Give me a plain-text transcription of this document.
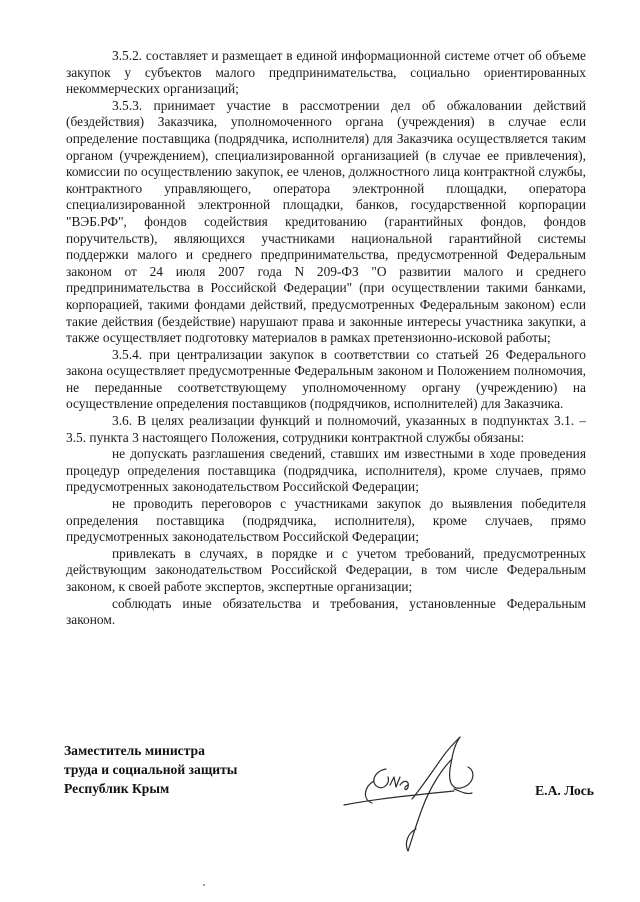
3.5.2. составляет и размещает в единой информационной системе отчет об объеме закупок у субъектов малого предпринимательства, социально ориентированных некоммерческих организаций;

3.5.3. принимает участие в рассмотрении дел об обжаловании действий (бездействия) Заказчика, уполномоченного органа (учреждения) в случае если определение поставщика (подрядчика, исполнителя) для Заказчика осуществляется таким органом (учреждением), специализированной организацией (в случае ее привлечения), комиссии по осуществлению закупок, ее членов, должностного лица контрактной службы, контрактного управляющего, оператора электронной площадки, оператора специализированной электронной площадки, банков, государственной корпорации "ВЭБ.РФ", фондов содействия кредитованию (гарантийных фондов, фондов поручительств), являющихся участниками национальной гарантийной системы поддержки малого и среднего предпринимательства, предусмотренной Федеральным законом от 24 июля 2007 года N 209-ФЗ "О развитии малого и среднего предпринимательства в Российской Федерации" (при осуществлении такими банками, корпорацией, такими фондами действий, предусмотренных Федеральным законом) если такие действия (бездействие) нарушают права и законные интересы участника закупки, а также осуществляет подготовку материалов в рамках претензионно-исковой работы;

3.5.4. при централизации закупок в соответствии со статьей 26 Федерального закона осуществляет предусмотренные Федеральным законом и Положением полномочия, не переданные соответствующему уполномоченному органу (учреждению) на осуществление определения поставщиков (подрядчиков, исполнителей) для Заказчика.

3.6. В целях реализации функций и полномочий, указанных в подпунктах 3.1. – 3.5. пункта 3 настоящего Положения, сотрудники контрактной службы обязаны:

не допускать разглашения сведений, ставших им известными в ходе проведения процедур определения поставщика (подрядчика, исполнителя), кроме случаев, прямо предусмотренных законодательством Российской Федерации;

не проводить переговоров с участниками закупок до выявления победителя определения поставщика (подрядчика, исполнителя), кроме случаев, прямо предусмотренных законодательством Российской Федерации;

привлекать в случаях, в порядке и с учетом требований, предусмотренных действующим законодательством Российской Федерации, в том числе Федеральным законом, к своей работе экспертов, экспертные организации;

соблюдать иные обязательства и требования, установленные Федеральным законом.

Заместитель министра
труда и социальной защиты
Республик Крым	Е.А. Лось
